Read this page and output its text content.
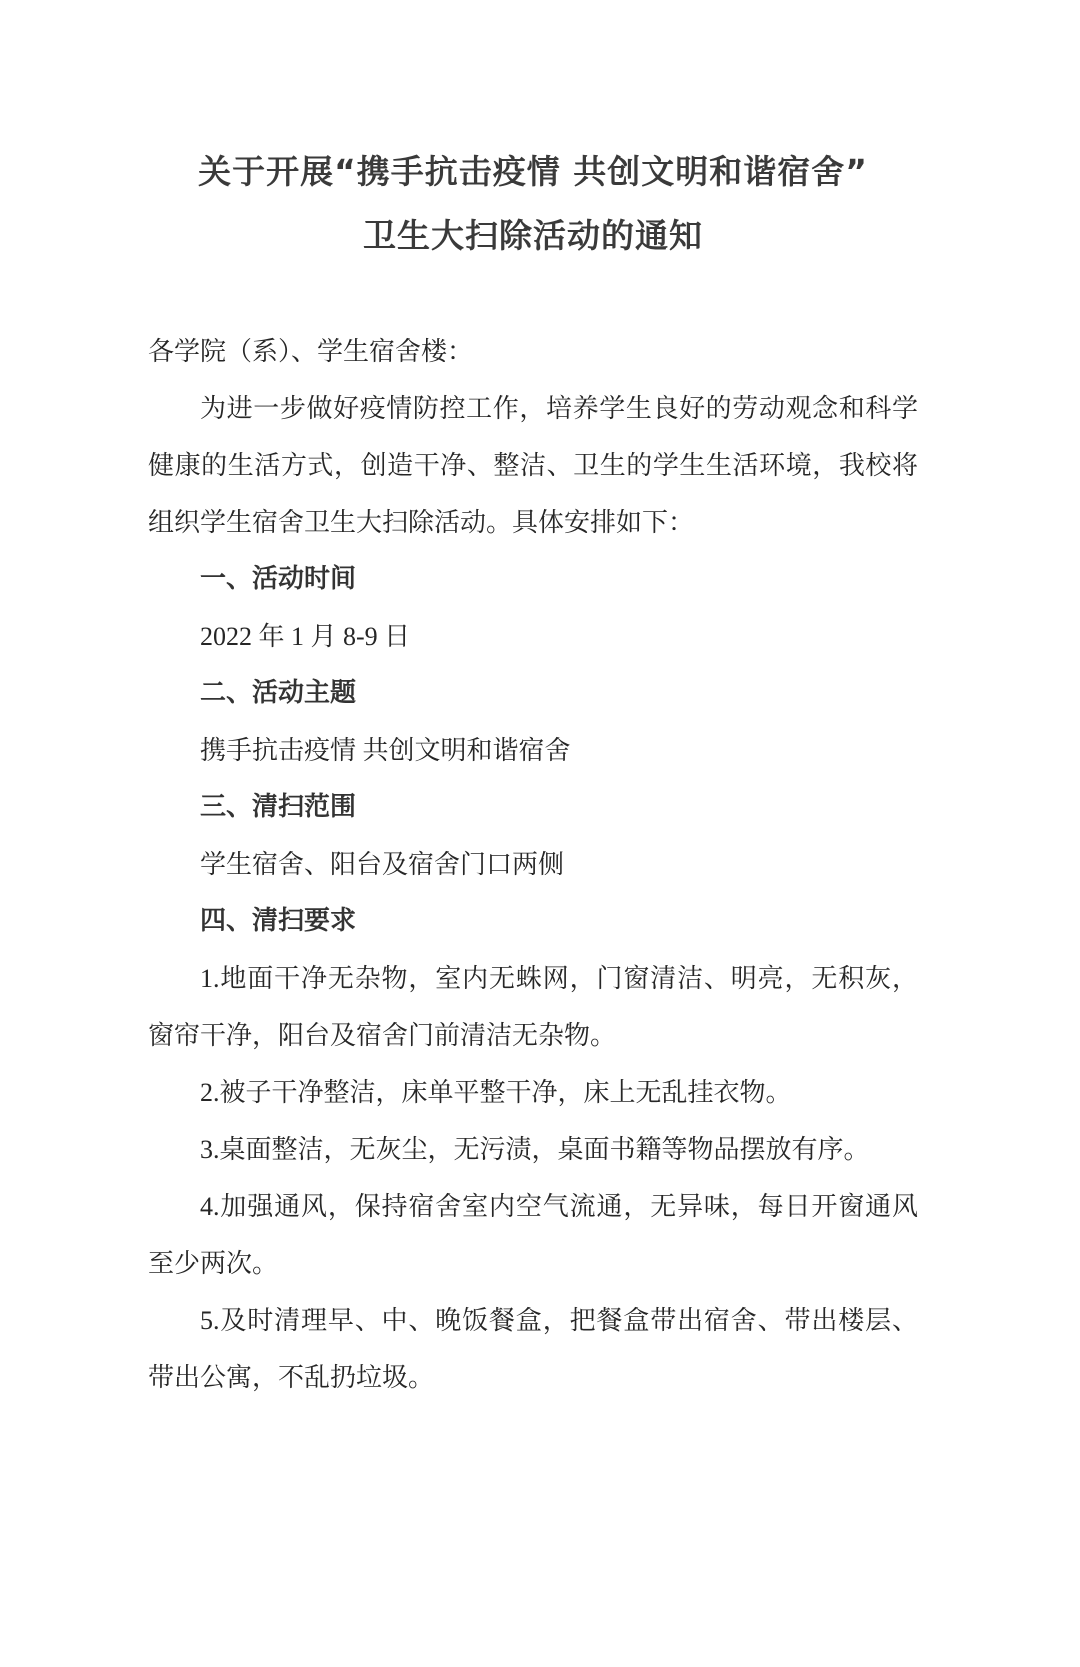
关于开展“携手抗击疫情 共创文明和谐宿舍”
卫生大扫除活动的通知

各学院（系）、学生宿舍楼：

为进一步做好疫情防控工作，培养学生良好的劳动观念和科学健康的生活方式，创造干净、整洁、卫生的学生生活环境，我校将组织学生宿舍卫生大扫除活动。具体安排如下：

一、活动时间

2022 年 1 月 8-9 日

二、活动主题

携手抗击疫情 共创文明和谐宿舍

三、清扫范围

学生宿舍、阳台及宿舍门口两侧

四、清扫要求

1.地面干净无杂物，室内无蛛网，门窗清洁、明亮，无积灰，窗帘干净，阳台及宿舍门前清洁无杂物。

2.被子干净整洁，床单平整干净，床上无乱挂衣物。

3.桌面整洁，无灰尘，无污渍，桌面书籍等物品摆放有序。

4.加强通风，保持宿舍室内空气流通，无异味，每日开窗通风至少两次。

5.及时清理早、中、晚饭餐盒，把餐盒带出宿舍、带出楼层、带出公寓，不乱扔垃圾。
